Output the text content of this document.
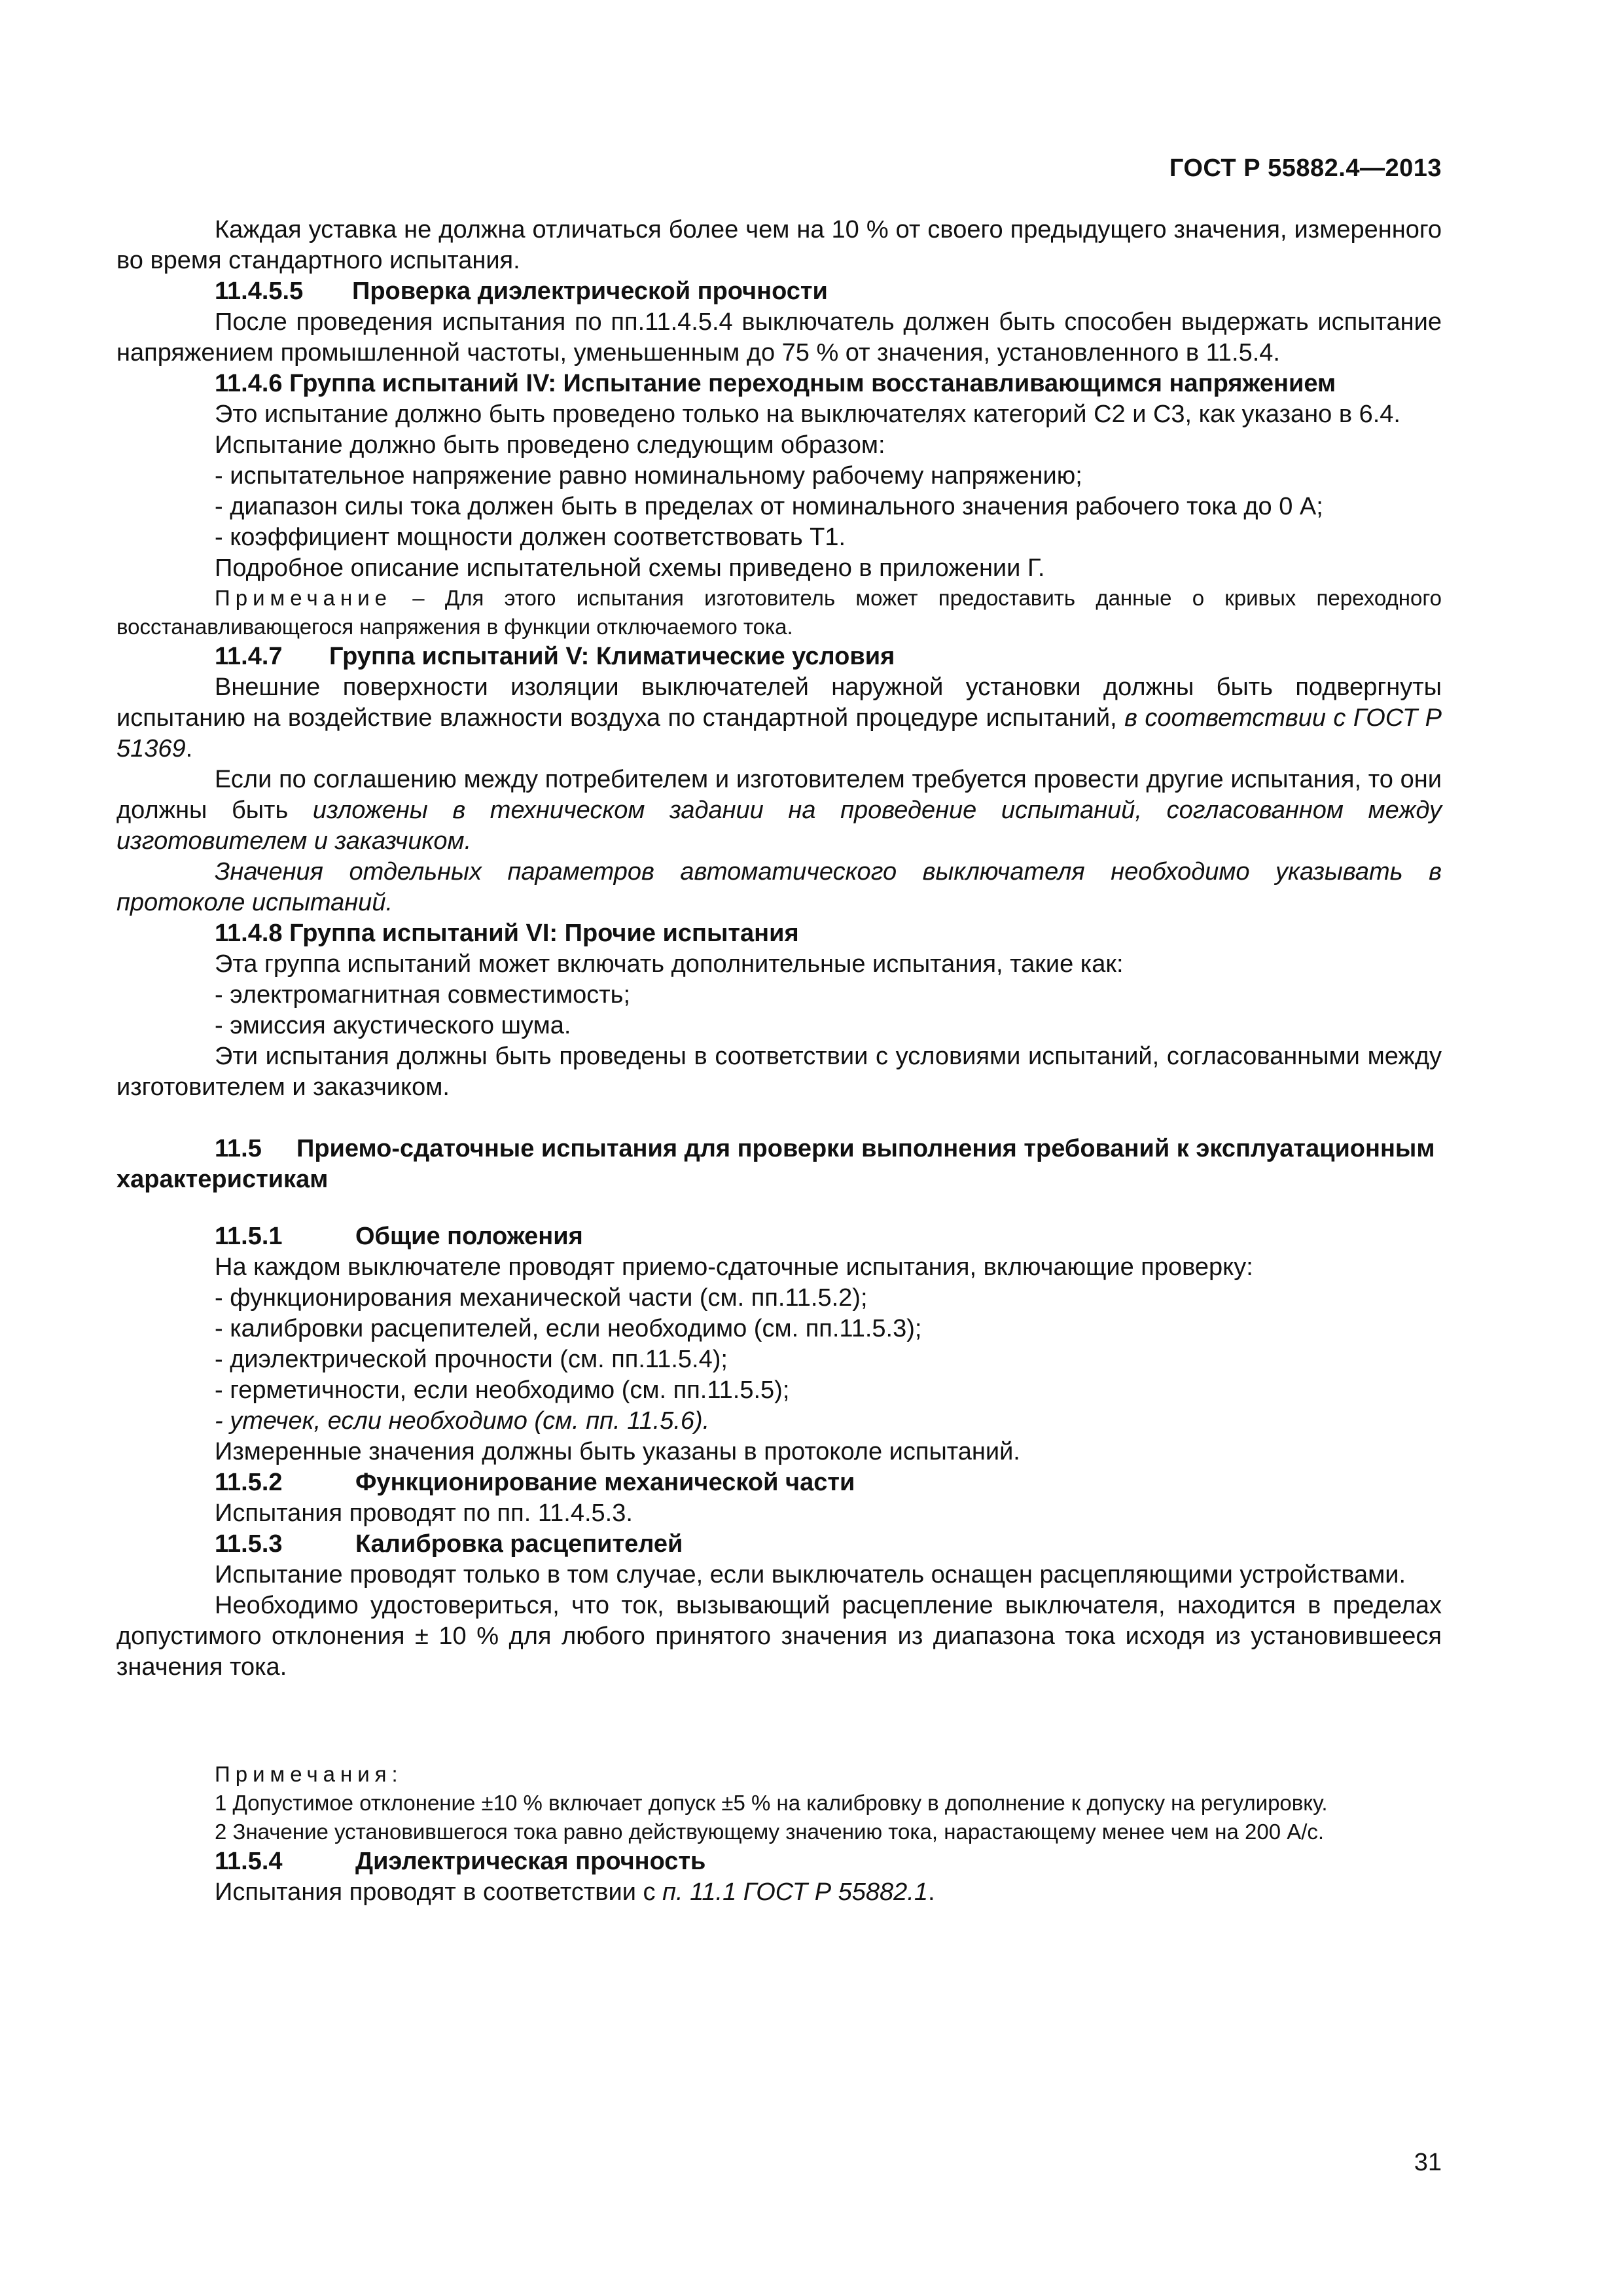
ГОСТ Р 55882.4—2013

Каждая уставка не должна отличаться более чем на 10 % от своего предыдущего значения, измеренного во время стандартного испытания.

11.4.5.5 Проверка диэлектрической прочности

После проведения испытания по пп.11.4.5.4 выключатель должен быть способен выдержать испытание напряжением промышленной частоты, уменьшенным до 75 % от значения, установленного в 11.5.4.

11.4.6 Группа испытаний IV: Испытание переходным восстанавливающимся напряжением

Это испытание должно быть проведено только на выключателях категорий С2 и С3, как указано в 6.4.

Испытание должно быть проведено следующим образом:

- испытательное напряжение равно номинальному рабочему напряжению;

- диапазон силы тока должен быть в пределах от номинального значения рабочего тока до 0 А;

- коэффициент мощности должен соответствовать Т1.

Подробное описание испытательной схемы приведено в приложении Г.

Примечание – Для этого испытания изготовитель может предоставить данные о кривых переходного восстанавливающегося напряжения в функции отключаемого тока.

11.4.7 Группа испытаний V: Климатические условия

Внешние поверхности изоляции выключателей наружной установки должны быть подвергнуты испытанию на воздействие влажности воздуха по стандартной процедуре испытаний, в соответствии с ГОСТ Р 51369.

Если по соглашению между потребителем и изготовителем требуется провести другие испытания, то они должны быть изложены в техническом задании на проведение испытаний, согласованном между изготовителем и заказчиком.

Значения отдельных параметров автоматического выключателя необходимо указывать в протоколе испытаний.

11.4.8 Группа испытаний VI: Прочие испытания

Эта группа испытаний может включать дополнительные испытания, такие как:

- электромагнитная совместимость;

- эмиссия акустического шума.

Эти испытания должны быть проведены в соответствии с условиями испытаний, согласованными между изготовителем и заказчиком.

11.5 Приемо-сдаточные испытания для проверки выполнения требований к эксплуатационным характеристикам

11.5.1	Общие положения

На каждом выключателе проводят приемо-сдаточные испытания, включающие проверку:

- функционирования механической части (см. пп.11.5.2);

- калибровки расцепителей, если необходимо (см. пп.11.5.3);

- диэлектрической прочности (см. пп.11.5.4);

- герметичности, если необходимо (см. пп.11.5.5);

- утечек, если необходимо (см. пп. 11.5.6).

Измеренные значения должны быть указаны в протоколе испытаний.

11.5.2	Функционирование механической части

Испытания проводят по пп. 11.4.5.3.

11.5.3	Калибровка расцепителей

Испытание проводят только в том случае, если выключатель оснащен расцепляющими устройствами.

Необходимо удостовериться, что ток, вызывающий расцепление выключателя, находится в пределах допустимого отклонения ± 10 % для любого принятого значения из диапазона тока исходя из установившееся значения тока.

Примечания:

1 Допустимое отклонение ±10 % включает допуск ±5 % на калибровку в дополнение к допуску на регулировку.

2 Значение установившегося тока равно действующему значению тока, нарастающему менее чем на 200 А/с.

11.5.4	Диэлектрическая прочность

Испытания проводят в соответствии с п. 11.1 ГОСТ Р 55882.1.

31
